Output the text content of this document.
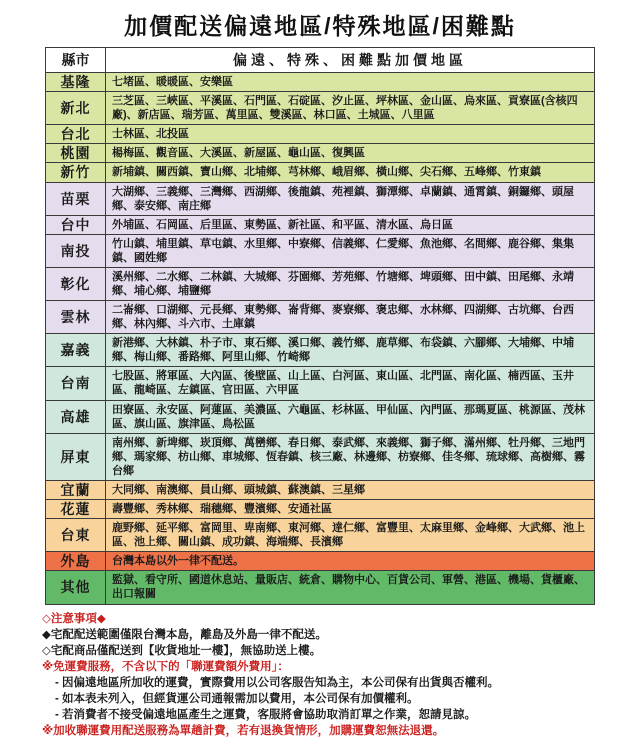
加價配送偏遠地區/特殊地區/困難點
縣市	偏遠、特殊、困難點加價地區
基隆	七堵區、暖暖區、安樂區
新北	三芝區、三峽區、平溪區、石門區、石碇區、汐止區、坪林區、金山區、烏來區、貢寮區(含核四廠)、新店區、瑞芳區、萬里區、雙溪區、林口區、土城區、八里區
台北	士林區、北投區
桃園	楊梅區、觀音區、大溪區、新屋區、龜山區、復興區
新竹	新埔鎮、關西鎮、寶山鄉、北埔鄉、芎林鄉、峨眉鄉、橫山鄉、尖石鄉、五峰鄉、竹東鎮
苗栗	大湖鄉、三義鄉、三灣鄉、西湖鄉、後龍鎮、苑裡鎮、獅潭鄉、卓蘭鎮、通霄鎮、銅鑼鄉、頭屋鄉、泰安鄉、南庄鄉
台中	外埔區、石岡區、后里區、東勢區、新社區、和平區、清水區、烏日區
南投	竹山鎮、埔里鎮、草屯鎮、水里鄉、中寮鄉、信義鄉、仁愛鄉、魚池鄉、名間鄉、鹿谷鄉、集集鎮、國姓鄉
彰化	溪州鄉、二水鄉、二林鎮、大城鄉、芬園鄉、芳苑鄉、竹塘鄉、埤頭鄉、田中鎮、田尾鄉、永靖鄉、埔心鄉、埔鹽鄉
雲林	二崙鄉、口湖鄉、元長鄉、東勢鄉、崙背鄉、麥寮鄉、褒忠鄉、水林鄉、四湖鄉、古坑鄉、台西鄉、林內鄉、斗六市、土庫鎮
嘉義	新港鄉、大林鎮、朴子市、東石鄉、溪口鄉、義竹鄉、鹿草鄉、布袋鎮、六腳鄉、大埔鄉、中埔鄉、梅山鄉、番路鄉、阿里山鄉、竹崎鄉
台南	七股區、將軍區、大內區、後壁區、山上區、白河區、東山區、北門區、南化區、楠西區、玉井區、龍崎區、左鎮區、官田區、六甲區
高雄	田寮區、永安區、阿蓮區、美濃區、六龜區、杉林區、甲仙區、內門區、那瑪夏區、桃源區、茂林區、旗山區、旗津區、鳥松區
屏東	南州鄉、新埤鄉、崁頂鄉、萬巒鄉、春日鄉、泰武鄉、來義鄉、獅子鄉、滿州鄉、牡丹鄉、三地門鄉、瑪家鄉、枋山鄉、車城鄉、恆春鎮、核三廠、林邊鄉、枋寮鄉、佳冬鄉、琉球鄉、高樹鄉、霧台鄉
宜蘭	大同鄉、南澳鄉、員山鄉、頭城鎮、蘇澳鎮、三星鄉
花蓮	壽豐鄉、秀林鄉、瑞穗鄉、豐濱鄉、安通社區
台東	鹿野鄉、延平鄉、富岡里、卑南鄉、東河鄉、達仁鄉、富豐里、太麻里鄉、金峰鄉、大武鄉、池上區、池上鄉、關山鎮、成功鎮、海端鄉、長濱鄉
外島	台灣本島以外一律不配送。
其他	監獄、看守所、國道休息站、量販店、統倉、購物中心、百貨公司、軍營、港區、機場、貨櫃廠、出口報關
◇注意事項◆
◆宅配配送範圍僅限台灣本島，離島及外島一律不配送。
◇宅配商品僅配送到【收貨地址一樓】，無協助送上樓。
※免運費服務，不含以下的「聯運費額外費用」：
- 因偏遠地區所加收的運費，實際費用以公司客服告知為主，本公司保有出貨與否權利。
- 如本表未列入，但經貨運公司通報需加以費用，本公司保有加價權利。
- 若消費者不接受偏遠地區產生之運費，客服將會協助取消訂單之作業，恕請見諒。
※加收聯運費用配送服務為單趟計費，若有退換貨情形，加購運費恕無法退還。
